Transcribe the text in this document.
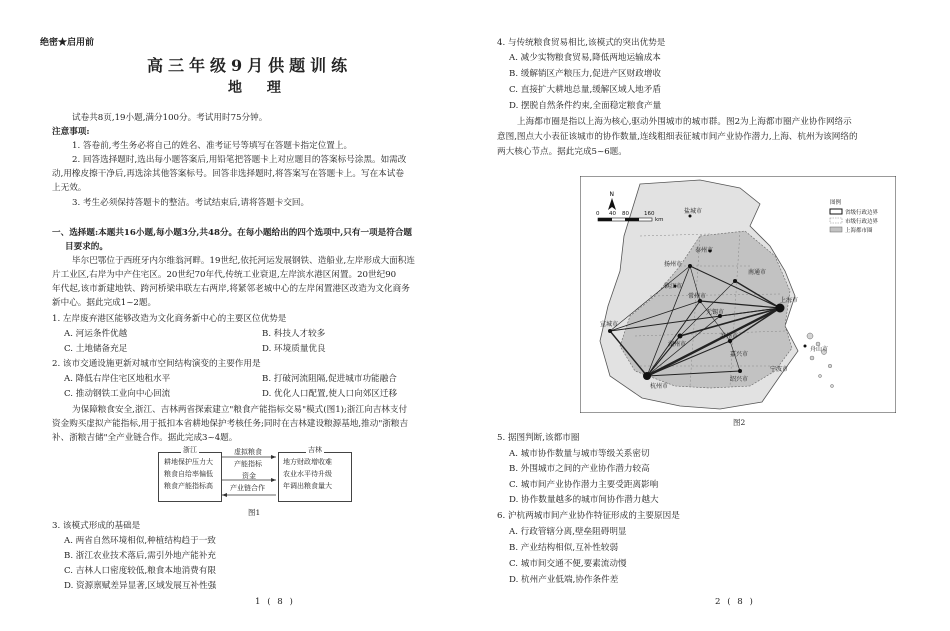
绝密★启用前
高三年级9月供题训练
地 理
试卷共8页,19小题,满分100分。考试用时75分钟。
注意事项:
1. 答卷前,考生务必将自己的姓名、准考证号等填写在答题卡指定位置上。
2. 回答选择题时,选出每小题答案后,用铅笔把答题卡上对应题目的答案标号涂黑。如需改
动,用橡皮擦干净后,再选涂其他答案标号。回答非选择题时,将答案写在答题卡上。写在本试卷
上无效。
3. 考生必须保持答题卡的整洁。考试结束后,请将答题卡交回。
一、选择题:本题共16小题,每小题3分,共48分。在每小题给出的四个选项中,只有一项是符合题
目要求的。
毕尔巴鄂位于西班牙内尔维翁河畔。19世纪,依托河运发展钢铁、造船业,左岸形成大面积连
片工业区,右岸为中产住宅区。20世纪70年代,传统工业衰退,左岸滨水港区闲置。20世纪90
年代起,该市新建地铁、跨河桥梁串联左右两岸,将紧邻老城中心的左岸闲置港区改造为文化商务
新中心。据此完成1~2题。
1. 左岸废弃港区能够改造为文化商务新中心的主要区位优势是
A. 河运条件优越	B. 科技人才较多
C. 土地储备充足	D. 环境质量优良
2. 该市交通设施更新对城市空间结构演变的主要作用是
A. 降低右岸住宅区地租水平	B. 打破河流阻隔,促进城市功能融合
C. 推动钢铁工业向中心回流	D. 优化人口配置,使人口向郊区迁移
为保障粮食安全,浙江、吉林两省探索建立"粮食产能指标交易"模式(图1);浙江向吉林支付
资金购买虚拟产能指标,用于抵扣本省耕地保护考核任务;同时在吉林建设粮源基地,推动"浙粮吉
补、浙粮吉储"全产业链合作。据此完成3~4题。
浙江
耕地保护压力大
粮食自给率偏低
粮食产能指标高
虚拟粮食
产能指标
资金
产业链合作
吉林
地方财政增收难
农业水平待升级
年调出粮食量大
图1
3. 该模式形成的基础是
A. 两省自然环境相似,种植结构趋于一致
B. 浙江农业技术落后,需引外地产能补充
C. 吉林人口密度较低,粮食本地消费有限
D. 资源禀赋差异显著,区域发展互补性强
1 ( 8 )
4. 与传统粮食贸易相比,该模式的突出优势是
A. 减少实物粮食贸易,降低两地运输成本
B. 缓解销区产粮压力,促进产区财政增收
C. 直接扩大耕地总量,缓解区域人地矛盾
D. 摆脱自然条件约束,全面稳定粮食产量
上海都市圈是指以上海为核心,驱动外围城市的城市群。图2为上海都市圈产业协作网络示
意图,图点大小表征该城市的协作数量,连线粗细表征城市间产业协作潜力,上海、杭州为该网络的
两大核心节点。据此完成5~6题。
盐城市
南通市
泰州市
扬州市
镇江市
常州市
无锡市
苏州市
上海市
宣城市
湖州市
嘉兴市
杭州市
绍兴市
宁波市
舟山市
N
0 40 80	160
km
图例
省级行政边界
市级行政边界
上海都市圈
图2
5. 据图判断,该都市圈
A. 城市协作数量与城市等级关系密切
B. 外围城市之间的产业协作潜力较高
C. 城市间产业协作潜力主要受距离影响
D. 协作数量越多的城市间协作潜力越大
6. 沪杭两城市间产业协作特征形成的主要原因是
A. 行政管辖分离,壁垒阻碍明显
B. 产业结构相似,互补性较弱
C. 城市间交通不便,要素流动慢
D. 杭州产业低端,协作条件差
2 ( 8 )
